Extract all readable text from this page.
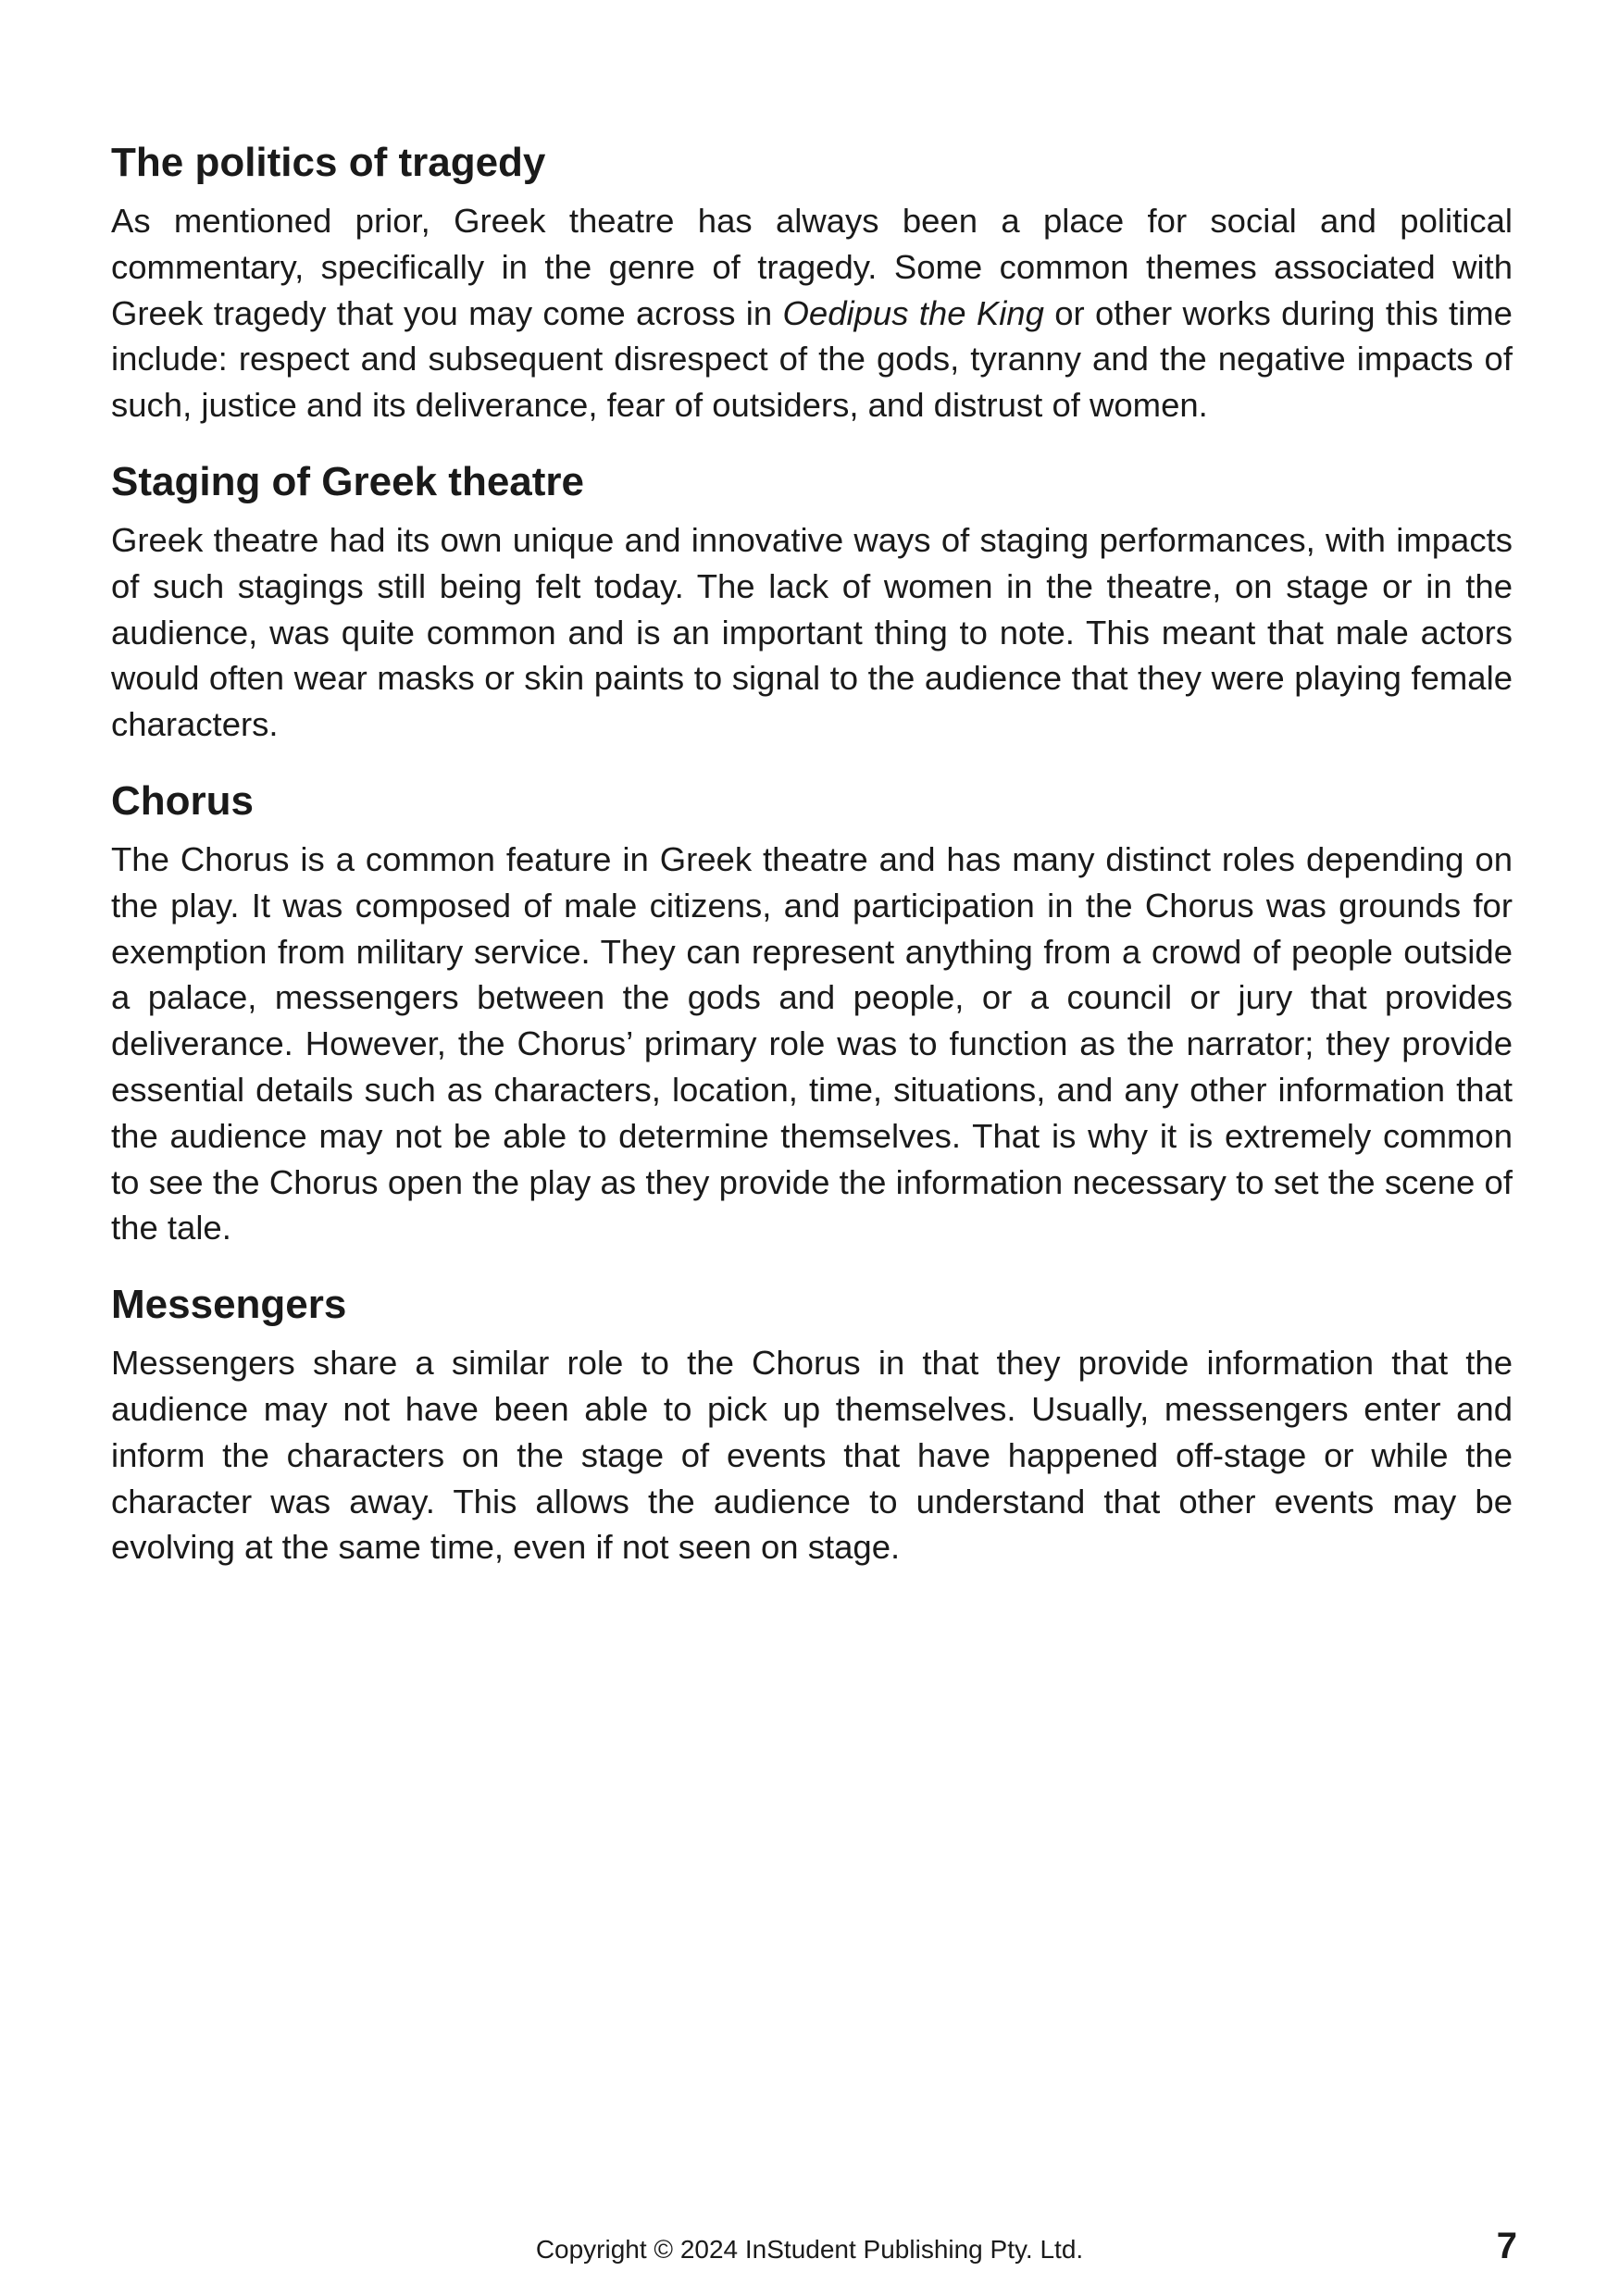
The politics of tragedy

As mentioned prior, Greek theatre has always been a place for social and political commentary, specifically in the genre of tragedy. Some common themes associated with Greek tragedy that you may come across in Oedipus the King or other works during this time include: respect and subsequent disrespect of the gods, tyranny and the negative impacts of such, justice and its deliverance, fear of outsiders, and distrust of women.

Staging of Greek theatre

Greek theatre had its own unique and innovative ways of staging performances, with impacts of such stagings still being felt today. The lack of women in the theatre, on stage or in the audience, was quite common and is an important thing to note. This meant that male actors would often wear masks or skin paints to signal to the audience that they were playing female characters.

Chorus

The Chorus is a common feature in Greek theatre and has many distinct roles depending on the play. It was composed of male citizens, and participation in the Chorus was grounds for exemption from military service. They can represent anything from a crowd of people outside a palace, messengers between the gods and people, or a council or jury that provides deliverance. However, the Chorus’ primary role was to function as the narrator; they provide essential details such as characters, location, time, situations, and any other information that the audience may not be able to determine themselves. That is why it is extremely common to see the Chorus open the play as they provide the information necessary to set the scene of the tale.

Messengers

Messengers share a similar role to the Chorus in that they provide information that the audience may not have been able to pick up themselves. Usually, messengers enter and inform the characters on the stage of events that have happened off-stage or while the character was away. This allows the audience to understand that other events may be evolving at the same time, even if not seen on stage.

Copyright © 2024 InStudent Publishing Pty. Ltd.	7
